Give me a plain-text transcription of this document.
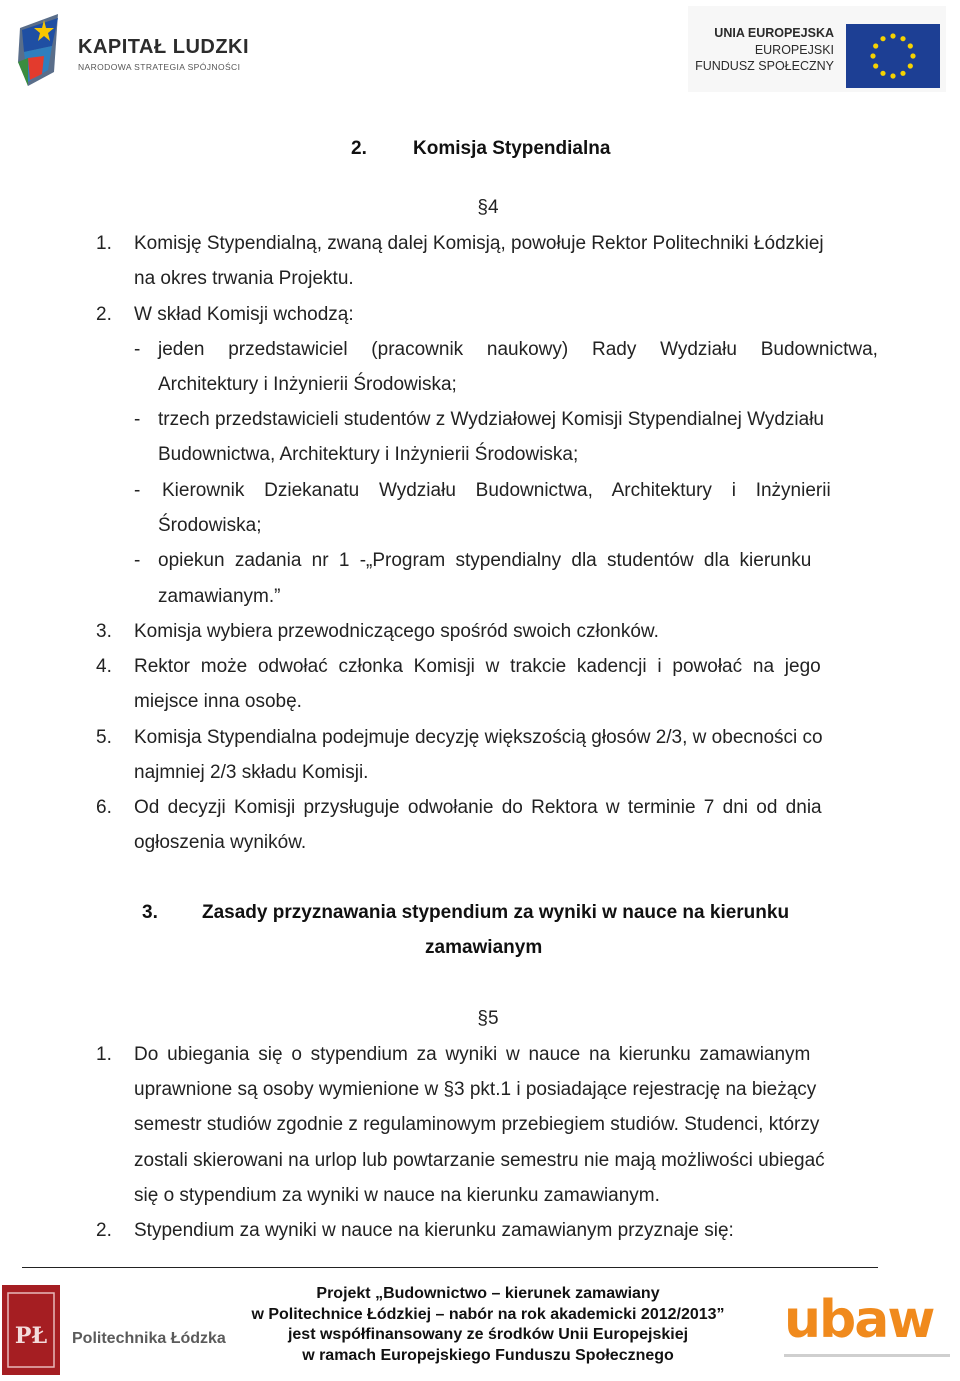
KAPITAŁ LUDZKI
NARODOWA STRATEGIA SPÓJNOŚCI
UNIA EUROPEJSKA
EUROPEJSKI
FUNDUSZ SPOŁECZNY
2. Komisja Stypendialna
§4
1. Komisję Stypendialną, zwaną dalej Komisją, powołuje Rektor Politechniki Łódzkiej
na okres trwania Projektu.
2. W skład Komisji wchodzą:
- jeden przedstawiciel (pracownik naukowy) Rady Wydziału Budownictwa,
Architektury i Inżynierii Środowiska;
- trzech przedstawicieli studentów z Wydziałowej Komisji Stypendialnej Wydziału
Budownictwa, Architektury i Inżynierii Środowiska;
- Kierownik Dziekanatu Wydziału Budownictwa, Architektury i Inżynierii
Środowiska;
- opiekun zadania nr 1 -„Program stypendialny dla studentów dla kierunku
zamawianym.”
3. Komisja wybiera przewodniczącego spośród swoich członków.
4. Rektor może odwołać członka Komisji w trakcie kadencji i powołać na jego
miejsce inna osobę.
5. Komisja Stypendialna podejmuje decyzję większością głosów 2/3, w obecności co
najmniej 2/3 składu Komisji.
6. Od decyzji Komisji przysługuje odwołanie do Rektora w terminie 7 dni od dnia
ogłoszenia wyników.
3. Zasady przyznawania stypendium za wyniki w nauce na kierunku
zamawianym
§5
1. Do ubiegania się o stypendium za wyniki w nauce na kierunku zamawianym
uprawnione są osoby wymienione w §3 pkt.1 i posiadające rejestrację na bieżący
semestr studiów zgodnie z regulaminowym przebiegiem studiów. Studenci, którzy
zostali skierowani na urlop lub powtarzanie semestru nie mają możliwości ubiegać
się o stypendium za wyniki w nauce na kierunku zamawianym.
2. Stypendium za wyniki w nauce na kierunku zamawianym przyznaje się:
PŁ Politechnika Łódzka
Projekt „Budownictwo – kierunek zamawiany
w Politechnice Łódzkiej – nabór na rok akademicki 2012/2013”
jest współfinansowany ze środków Unii Europejskiej
w ramach Europejskiego Funduszu Społecznego
ubaw
